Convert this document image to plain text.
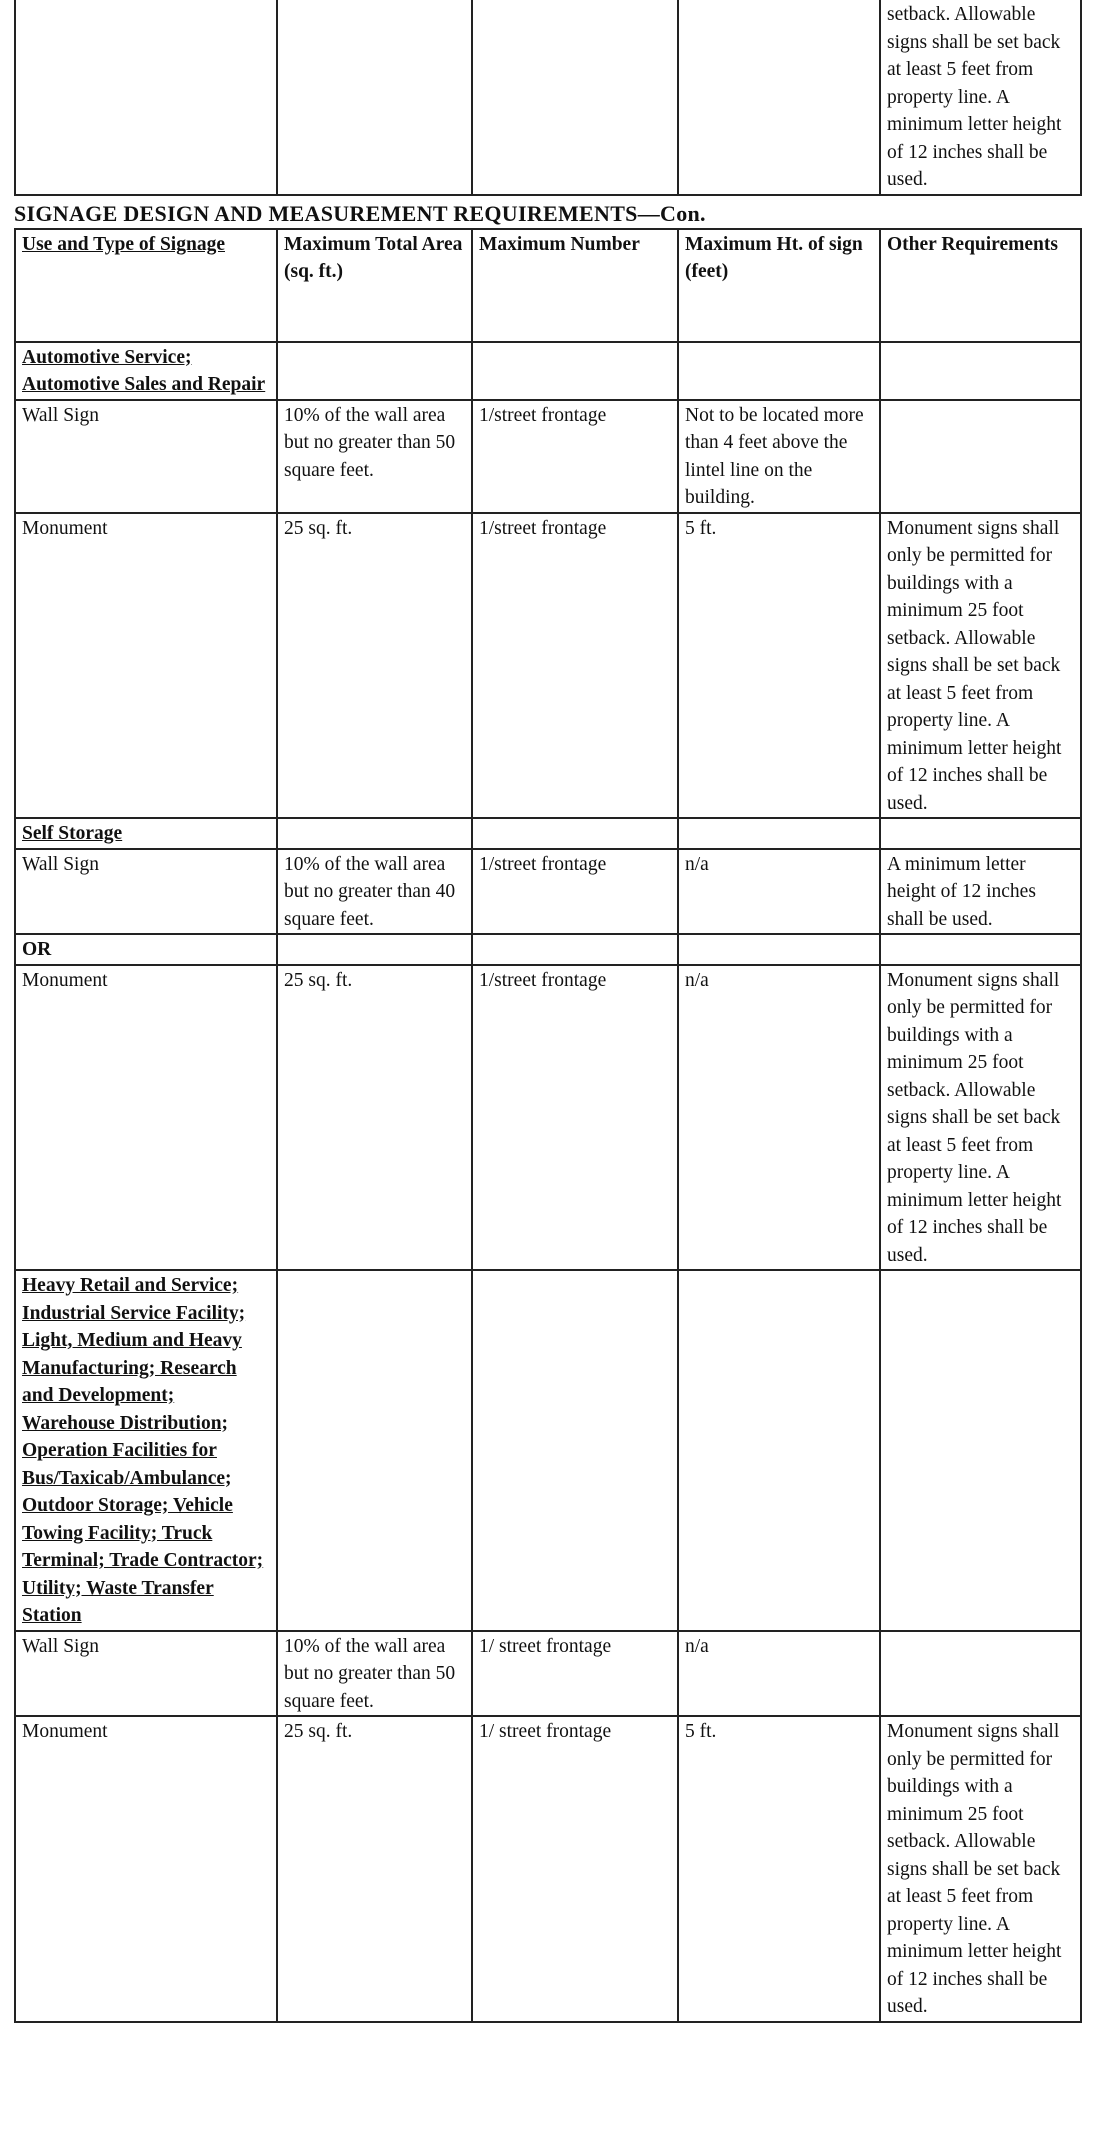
				setback. Allowable signs shall be set back at least 5 feet from property line. A minimum letter height of 12 inches shall be used.
SIGNAGE DESIGN AND MEASUREMENT REQUIREMENTS—Con.
Use and Type of Signage	Maximum Total Area (sq. ft.)	Maximum Number	Maximum Ht. of sign (feet)	Other Requirements
Automotive Service; Automotive Sales and Repair				
Wall Sign	10% of the wall area but no greater than 50 square feet.	1/street frontage	Not to be located more than 4 feet above the lintel line on the building.	
Monument	25 sq. ft.	1/street frontage	5 ft.	Monument signs shall only be permitted for buildings with a minimum 25 foot setback. Allowable signs shall be set back at least 5 feet from property line. A minimum letter height of 12 inches shall be used.
Self Storage				
Wall Sign	10% of the wall area but no greater than 40 square feet.	1/street frontage	n/a	A minimum letter height of 12 inches shall be used.
OR				
Monument	25 sq. ft.	1/street frontage	n/a	Monument signs shall only be permitted for buildings with a minimum 25 foot setback. Allowable signs shall be set back at least 5 feet from property line. A minimum letter height of 12 inches shall be used.
Heavy Retail and Service; Industrial Service Facility; Light, Medium and Heavy Manufacturing; Research and Development; Warehouse Distribution; Operation Facilities for Bus/Taxicab/Ambulance; Outdoor Storage; Vehicle Towing Facility; Truck Terminal; Trade Contractor; Utility; Waste Transfer Station				
Wall Sign	10% of the wall area but no greater than 50 square feet.	1/ street frontage	n/a	
Monument	25 sq. ft.	1/ street frontage	5 ft.	Monument signs shall only be permitted for buildings with a minimum 25 foot setback. Allowable signs shall be set back at least 5 feet from property line. A minimum letter height of 12 inches shall be used.
